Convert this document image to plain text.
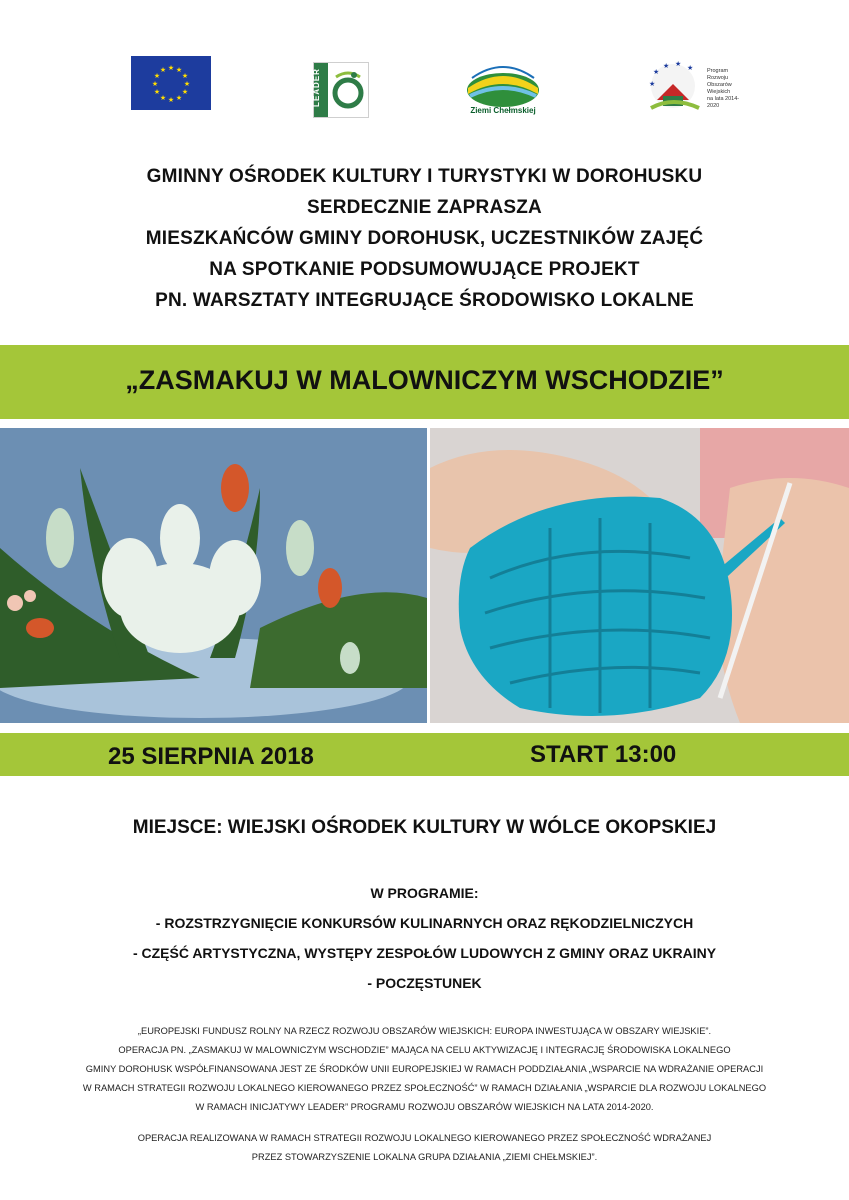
★ ★
★
★
★
★
★
★
★
★
★
★	LEADER
Ziemi Chełmskiej
★
★ ★ ★
★
Program
Rozwoju
Obszarów
Wiejskich
na lata 2014-2020
GMINNY OŚRODEK KULTURY I TURYSTYKI W DOROHUSKU
SERDECZNIE ZAPRASZA
MIESZKAŃCÓW GMINY DOROHUSK, UCZESTNIKÓW ZAJĘĆ
NA SPOTKANIE PODSUMOWUJĄCE PROJEKT
PN. WARSZTATY INTEGRUJĄCE ŚRODOWISKO LOKALNE
„ZASMAKUJ W MALOWNICZYM WSCHODZIE”
25 SIERPNIA 2018	START 13:00
MIEJSCE: WIEJSKI OŚRODEK KULTURY W WÓLCE OKOPSKIEJ
W PROGRAMIE:
- ROZSTRZYGNIĘCIE KONKURSÓW KULINARNYCH ORAZ RĘKODZIELNICZYCH
- CZĘŚĆ ARTYSTYCZNA, WYSTĘPY ZESPOŁÓW LUDOWYCH Z GMINY ORAZ UKRAINY
- POCZĘSTUNEK
„EUROPEJSKI FUNDUSZ ROLNY NA RZECZ ROZWOJU OBSZARÓW WIEJSKICH: EUROPA INWESTUJĄCA W OBSZARY WIEJSKIE”.
OPERACJA PN. „ZASMAKUJ W MALOWNICZYM WSCHODZIE” MAJĄCA NA CELU AKTYWIZACJĘ I INTEGRACJĘ ŚRODOWISKA LOKALNEGO
GMINY DOROHUSK WSPÓŁFINANSOWANA JEST ZE ŚRODKÓW UNII EUROPEJSKIEJ W RAMACH PODDZIAŁANIA „WSPARCIE NA WDRAŻANIE OPERACJI
W RAMACH STRATEGII ROZWOJU LOKALNEGO KIEROWANEGO PRZEZ SPOŁECZNOŚĆ” W RAMACH DZIAŁANIA „WSPARCIE DLA ROZWOJU LOKALNEGO
W RAMACH INICJATYWY LEADER” PROGRAMU ROZWOJU OBSZARÓW WIEJSKICH NA LATA 2014-2020.
OPERACJA REALIZOWANA W RAMACH STRATEGII ROZWOJU LOKALNEGO KIEROWANEGO PRZEZ SPOŁECZNOŚĆ WDRAŻANEJ
PRZEZ STOWARZYSZENIE LOKALNA GRUPA DZIAŁANIA „ZIEMI CHEŁMSKIEJ”.
